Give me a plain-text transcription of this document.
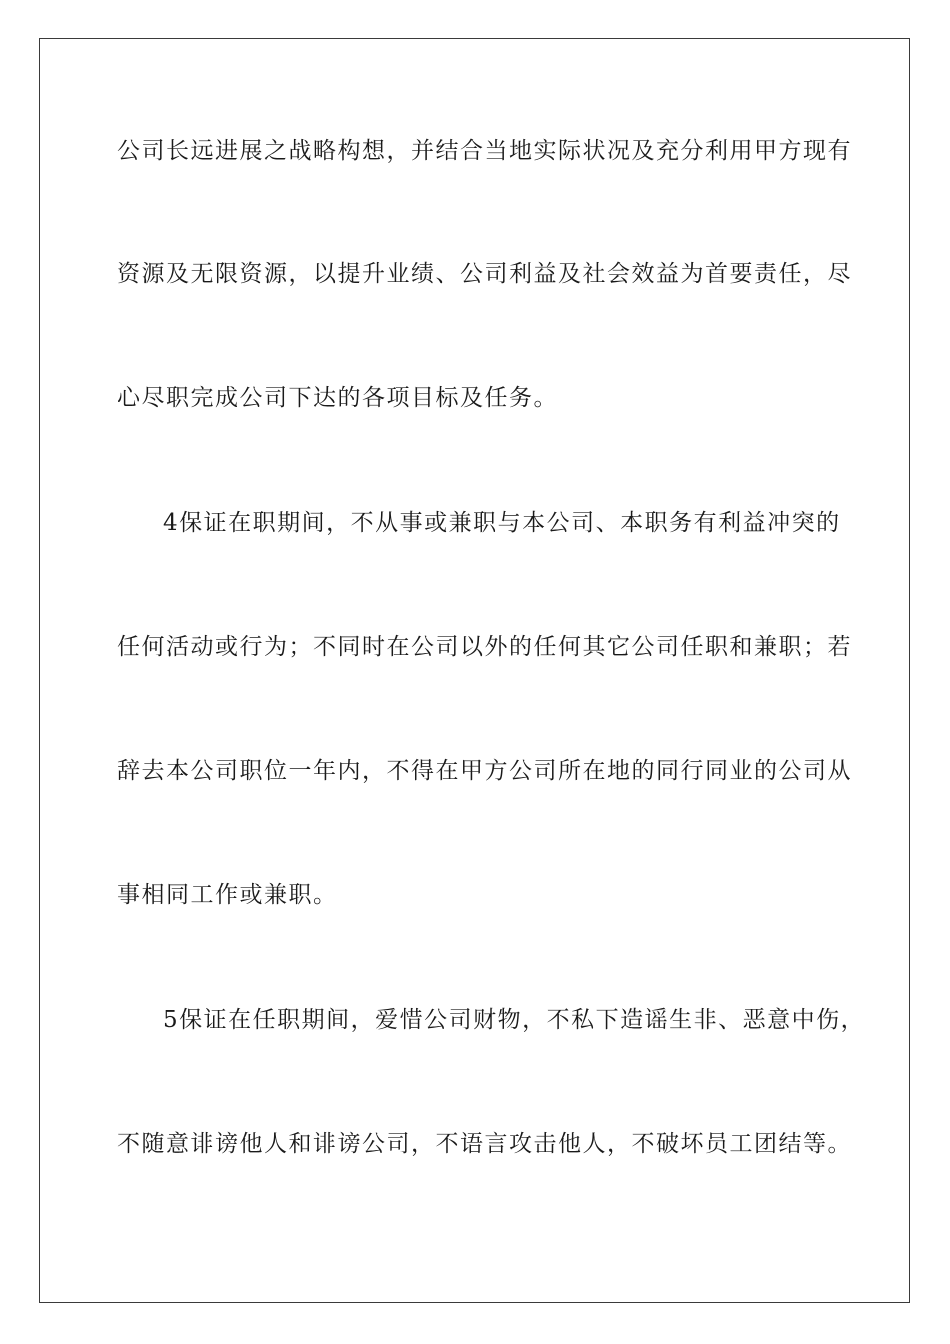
公司长远进展之战略构想，并结合当地实际状况及充分利用甲方现有
资源及无限资源，以提升业绩、公司利益及社会效益为首要责任，尽
心尽职完成公司下达的各项目标及任务。
4保证在职期间，不从事或兼职与本公司、本职务有利益冲突的
任何活动或行为；不同时在公司以外的任何其它公司任职和兼职；若
辞去本公司职位一年内，不得在甲方公司所在地的同行同业的公司从
事相同工作或兼职。
5保证在任职期间，爱惜公司财物，不私下造谣生非、恶意中伤，
不随意诽谤他人和诽谤公司，不语言攻击他人，不破坏员工团结等。
